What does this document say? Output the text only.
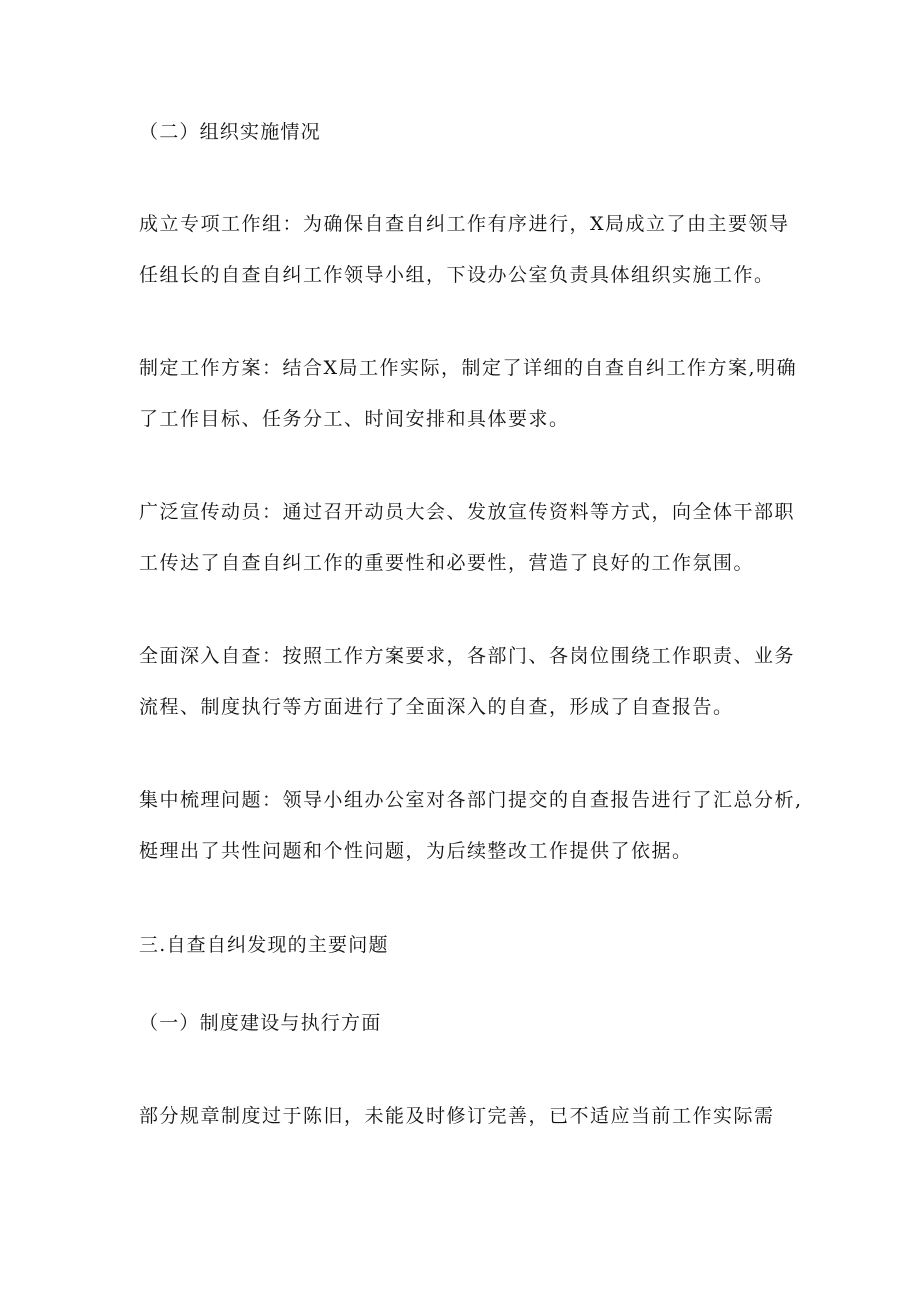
（二）组织实施情况
成立专项工作组：为确保自查自纠工作有序进行，X局成立了由主要领导
任组长的自查自纠工作领导小组，下设办公室负责具体组织实施工作。
制定工作方案：结合X局工作实际，制定了详细的自查自纠工作方案,明确
了工作目标、任务分工、时间安排和具体要求。
广泛宣传动员：通过召开动员大会、发放宣传资料等方式，向全体干部职
工传达了自查自纠工作的重要性和必要性，营造了良好的工作氛围。
全面深入自查：按照工作方案要求，各部门、各岗位围绕工作职责、业务
流程、制度执行等方面进行了全面深入的自查，形成了自查报告。
集中梳理问题：领导小组办公室对各部门提交的自查报告进行了汇总分析,
梃理出了共性问题和个性问题，为后续整改工作提供了依据。
三.自查自纠发现的主要问题
（一）制度建设与执行方面
部分规章制度过于陈旧，未能及时修订完善，已不适应当前工作实际需
